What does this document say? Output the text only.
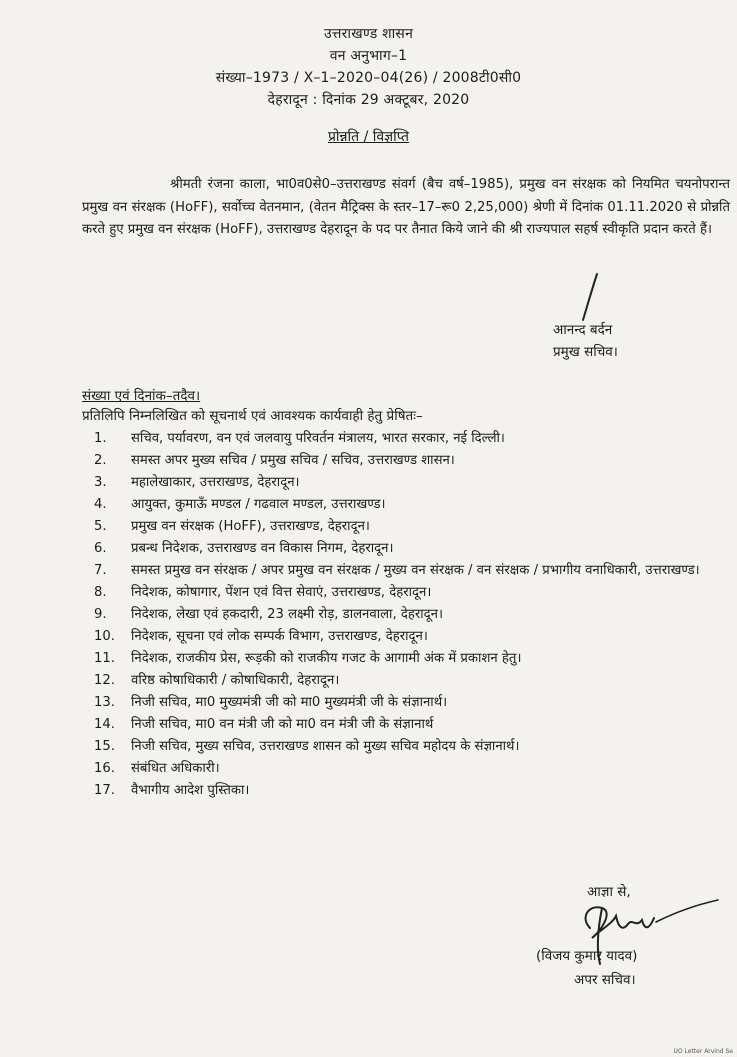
उत्तराखण्ड शासन
वन अनुभाग–1
संख्या–1973 / X–1–2020–04(26) / 2008टी0सी0
देहरादून : दिनांक 29 अक्टूबर, 2020
प्रोन्नति / विज्ञप्ति
श्रीमती रंजना काला, भा0व0से0–उत्तराखण्ड संवर्ग (बैच वर्ष–1985), प्रमुख वन संरक्षक को नियमित चयनोपरान्त प्रमुख वन संरक्षक (HoFF), सर्वोच्च वेतनमान, (वेतन मैट्रिक्स के स्तर–17–रू0 2,25,000) श्रेणी में दिनांक 01.11.2020 से प्रोन्नति करते हुए प्रमुख वन संरक्षक (HoFF), उत्तराखण्ड देहरादून के पद पर तैनात किये जाने की श्री राज्यपाल सहर्ष स्वीकृति प्रदान करते हैं।
आनन्द बर्दन
प्रमुख सचिव।
संख्या एवं दिनांक–तदैव।
प्रतिलिपि निम्नलिखित को सूचनार्थ एवं आवश्यक कार्यवाही हेतु प्रेषितः–
1. सचिव, पर्यावरण, वन एवं जलवायु परिवर्तन मंत्रालय, भारत सरकार, नई दिल्ली।
2. समस्त अपर मुख्य सचिव / प्रमुख सचिव / सचिव, उत्तराखण्ड शासन।
3. महालेखाकार, उत्तराखण्ड, देहरादून।
4. आयुक्त, कुमाऊँ मण्डल / गढवाल मण्डल, उत्तराखण्ड।
5. प्रमुख वन संरक्षक (HoFF), उत्तराखण्ड, देहरादून।
6. प्रबन्ध निदेशक, उत्तराखण्ड वन विकास निगम, देहरादून।
7. समस्त प्रमुख वन संरक्षक / अपर प्रमुख वन संरक्षक / मुख्य वन संरक्षक / वन संरक्षक / प्रभागीय वनाधिकारी, उत्तराखण्ड।
8. निदेशक, कोषागार, पेंशन एवं वित्त सेवाएं, उत्तराखण्ड, देहरादून।
9. निदेशक, लेखा एवं हकदारी, 23 लक्ष्मी रोड़, डालनवाला, देहरादून।
10. निदेशक, सूचना एवं लोक सम्पर्क विभाग, उत्तराखण्ड, देहरादून।
11. निदेशक, राजकीय प्रेस, रूड़की को राजकीय गजट के आगामी अंक में प्रकाशन हेतु।
12. वरिष्ठ कोषाधिकारी / कोषाधिकारी, देहरादून।
13. निजी सचिव, मा0 मुख्यमंत्री जी को मा0 मुख्यमंत्री जी के संज्ञानार्थ।
14. निजी सचिव, मा0 वन मंत्री जी को मा0 वन मंत्री जी के संज्ञानार्थ
15. निजी सचिव, मुख्य सचिव, उत्तराखण्ड शासन को मुख्य सचिव महोदय के संज्ञानार्थ।
16. संबंधित अधिकारी।
17. वैभागीय आदेश पुस्तिका।
आज्ञा से,
(विजय कुमार यादव)
अपर सचिव।
UO Letter Arvind Se
